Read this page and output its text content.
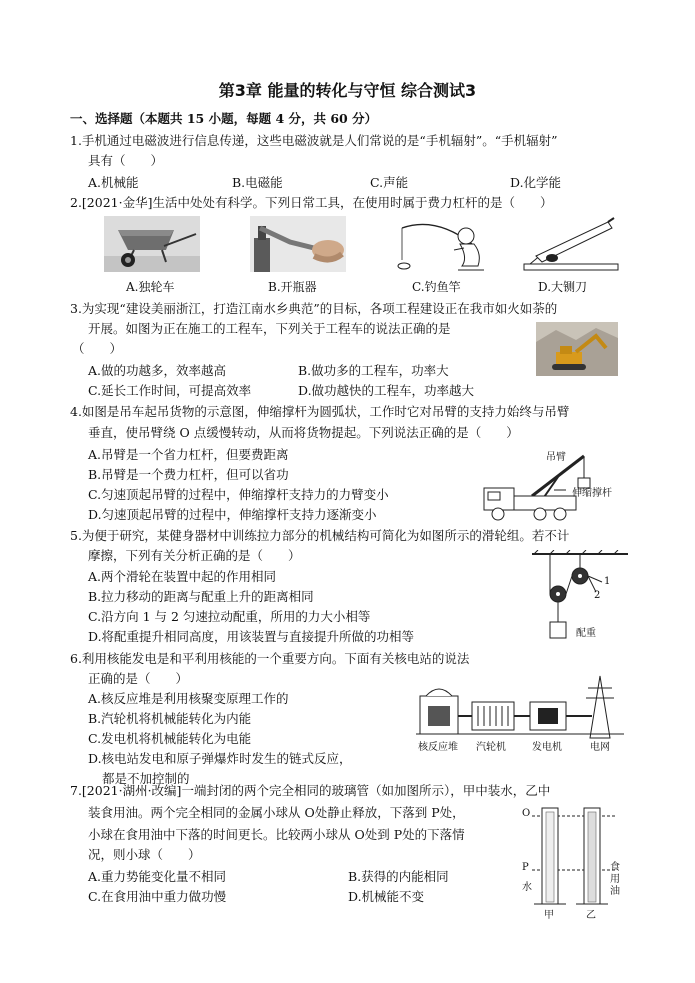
第3章 能量的转化与守恒 综合测试3
一、选择题（本题共 15 小题，每题 4 分，共 60 分）
1.手机通过电磁波进行信息传递，这些电磁波就是人们常说的是“手机辐射”。“手机辐射”
具有（　　）
A.机械能	B.电磁能	C.声能	D.化学能
2.[2021·金华]生活中处处有科学。下列日常工具，在使用时属于费力杠杆的是（　　）
A.独轮车	B.开瓶器	C.钓鱼竿	D.大铡刀
3.为实现“建设美丽浙江，打造江南水乡典范”的目标，各项工程建设正在我市如火如荼的
开展。如图为正在施工的工程车，下列关于工程车的说法正确的是
（　　）
A.做的功越多，效率越高	B.做功多的工程车，功率大
C.延长工作时间，可提高效率	D.做功越快的工程车，功率越大
4.如图是吊车起吊货物的示意图，伸缩撑杆为圆弧状，工作时它对吊臂的支持力始终与吊臂
垂直，使吊臂绕 O 点缓慢转动，从而将货物提起。下列说法正确的是（　　）
A.吊臂是一个省力杠杆，但要费距离
B.吊臂是一个费力杠杆，但可以省功
C.匀速顶起吊臂的过程中，伸缩撑杆支持力的力臂变小
D.匀速顶起吊臂的过程中，伸缩撑杆支持力逐渐变小
吊臂
伸缩撑杆
5.为便于研究，某健身器材中训练拉力部分的机械结构可简化为如图所示的滑轮组。若不计
摩擦，下列有关分析正确的是（　　）
A.两个滑轮在装置中起的作用相同
B.拉力移动的距离与配重上升的距离相同
C.沿方向 1 与 2 匀速拉动配重，所用的力大小相等
D.将配重提升相同高度，用该装置与直接提升所做的功相等
1
2
配重
6.利用核能发电是和平利用核能的一个重要方向。下面有关核电站的说法
正确的是（　　）
A.核反应堆是利用核聚变原理工作的
B.汽轮机将机械能转化为内能
C.发电机将机械能转化为电能
D.核电站发电和原子弹爆炸时发生的链式反应，
都是不加控制的
核反应堆 汽轮机	发电机	电网
7.[2021·湖州·改编]一端封闭的两个完全相同的玻璃管（如加图所示），甲中装水，乙中
装食用油。两个完全相同的金属小球从 O处静止释放，下落到 P处，
小球在食用油中下落的时间更长。比较两小球从 O处到 P处的下落情
况，则小球（　　）
A.重力势能变化量不相同	B.获得的内能相同
C.在食用油中重力做功慢	D.机械能不变
O
P
水
食用油
甲	乙
